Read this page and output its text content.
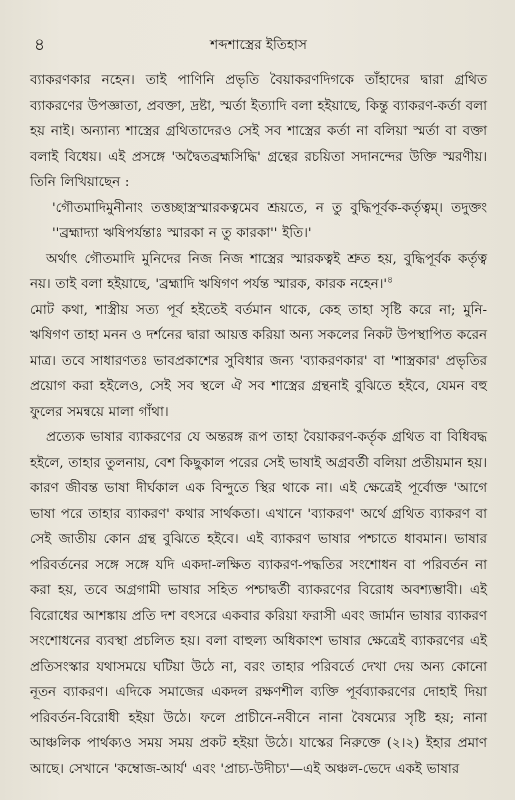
৪	শব্দশাস্ত্রের ইতিহাস

ব্যাকরণকার নহেন। তাই পাণিনি প্রভৃতি বৈয়াকরণদিগকে তাঁহাদের দ্বারা গ্রথিত ব্যাকরণের উপজ্ঞাতা, প্রবক্তা, দ্রষ্টা, স্মর্তা ইত্যাদি বলা হইয়াছে, কিন্তু ব্যাকরণ-কর্তা বলা হয় নাই। অন্যান্য শাস্ত্রের গ্রথিতাদেরও সেই সব শাস্ত্রের কর্তা না বলিয়া স্মর্তা বা বক্তা বলাই বিধেয়। এই প্রসঙ্গে 'অদ্বৈতব্রহ্মসিদ্ধি' গ্রন্থের রচয়িতা সদানন্দের উক্তি স্মরণীয়। তিনি লিখিয়াছেন :

'গৌতমাদিমুনীনাং তত্তচ্ছাস্ত্রস্মারকত্বমেব শ্রূয়তে, ন তু বুদ্ধিপূর্বক-কর্তৃত্বম্। তদুক্তং ''ব্রহ্মাদ্যা ঋষিপর্যন্তাঃ স্মারকা ন তু কারকা'' ইতি।'

অর্থাৎ গৌতমাদি মুনিদের নিজ নিজ শাস্ত্রের স্মারকত্বই শ্রুত হয়, বুদ্ধিপূর্বক কর্তৃত্ব নয়। তাই বলা হইয়াছে, 'ব্রহ্মাদি ঋষিগণ পর্যন্ত স্মারক, কারক নহেন।'$^৪$

মোট কথা, শাস্ত্রীয় সত্য পূর্ব হইতেই বর্তমান থাকে, কেহ তাহা সৃষ্টি করে না; মুনি-ঋষিগণ তাহা মনন ও দর্শনের দ্বারা আয়ত্ত করিয়া অন্য সকলের নিকট উপস্থাপিত করেন মাত্র। তবে সাধারণতঃ ভাবপ্রকাশের সুবিধার জন্য 'ব্যাকরণকার' বা 'শাস্ত্রকার' প্রভৃতির প্রয়োগ করা হইলেও, সেই সব স্থলে ঐ সব শাস্ত্রের গ্রন্থনাই বুঝিতে হইবে, যেমন বহু ফুলের সমন্বয়ে মালা গাঁথা।

প্রত্যেক ভাষার ব্যাকরণের যে অন্তরঙ্গ রূপ তাহা বৈয়াকরণ-কর্তৃক গ্রথিত বা বিধিবদ্ধ হইলে, তাহার তুলনায়, বেশ কিছুকাল পরের সেই ভাষাই অগ্রবর্তী বলিয়া প্রতীয়মান হয়। কারণ জীবন্ত ভাষা দীর্ঘকাল এক বিন্দুতে স্থির থাকে না। এই ক্ষেত্রেই পূর্বোক্ত 'আগে ভাষা পরে তাহার ব্যাকরণ' কথার সার্থকতা। এখানে 'ব্যাকরণ' অর্থে গ্রথিত ব্যাকরণ বা সেই জাতীয় কোন গ্রন্থ বুঝিতে হইবে। এই ব্যাকরণ ভাষার পশ্চাতে ধাবমান। ভাষার পরিবর্তনের সঙ্গে সঙ্গে যদি একদা-লক্ষিত ব্যাকরণ-পদ্ধতির সংশোধন বা পরিবর্তন না করা হয়, তবে অগ্রগামী ভাষার সহিত পশ্চাদ্বর্তী ব্যাকরণের বিরোধ অবশ্যম্ভাবী। এই বিরোধের আশঙ্কায় প্রতি দশ বৎসরে একবার করিয়া ফরাসী এবং জার্মান ভাষার ব্যাকরণ সংশোধনের ব্যবস্থা প্রচলিত হয়। বলা বাহুল্য অধিকাংশ ভাষার ক্ষেত্রেই ব্যাকরণের এই প্রতিসংস্কার যথাসময়ে ঘটিয়া উঠে না, বরং তাহার পরিবর্তে দেখা দেয় অন্য কোনো নূতন ব্যাকরণ। এদিকে সমাজের একদল রক্ষণশীল ব্যক্তি পূর্বব্যাকরণের দোহাই দিয়া পরিবর্তন-বিরোধী হইয়া উঠে। ফলে প্রাচীনে-নবীনে নানা বৈষম্যের সৃষ্টি হয়; নানা আঞ্চলিক পার্থক্যও সময় সময় প্রকট হইয়া উঠে। যাস্কের নিরুক্তে (২।২) ইহার প্রমাণ আছে। সেখানে 'কম্বোজ-আর্য' এবং 'প্রাচ্য-উদীচ্য'—এই অঞ্চল-ভেদে একই ভাষার
